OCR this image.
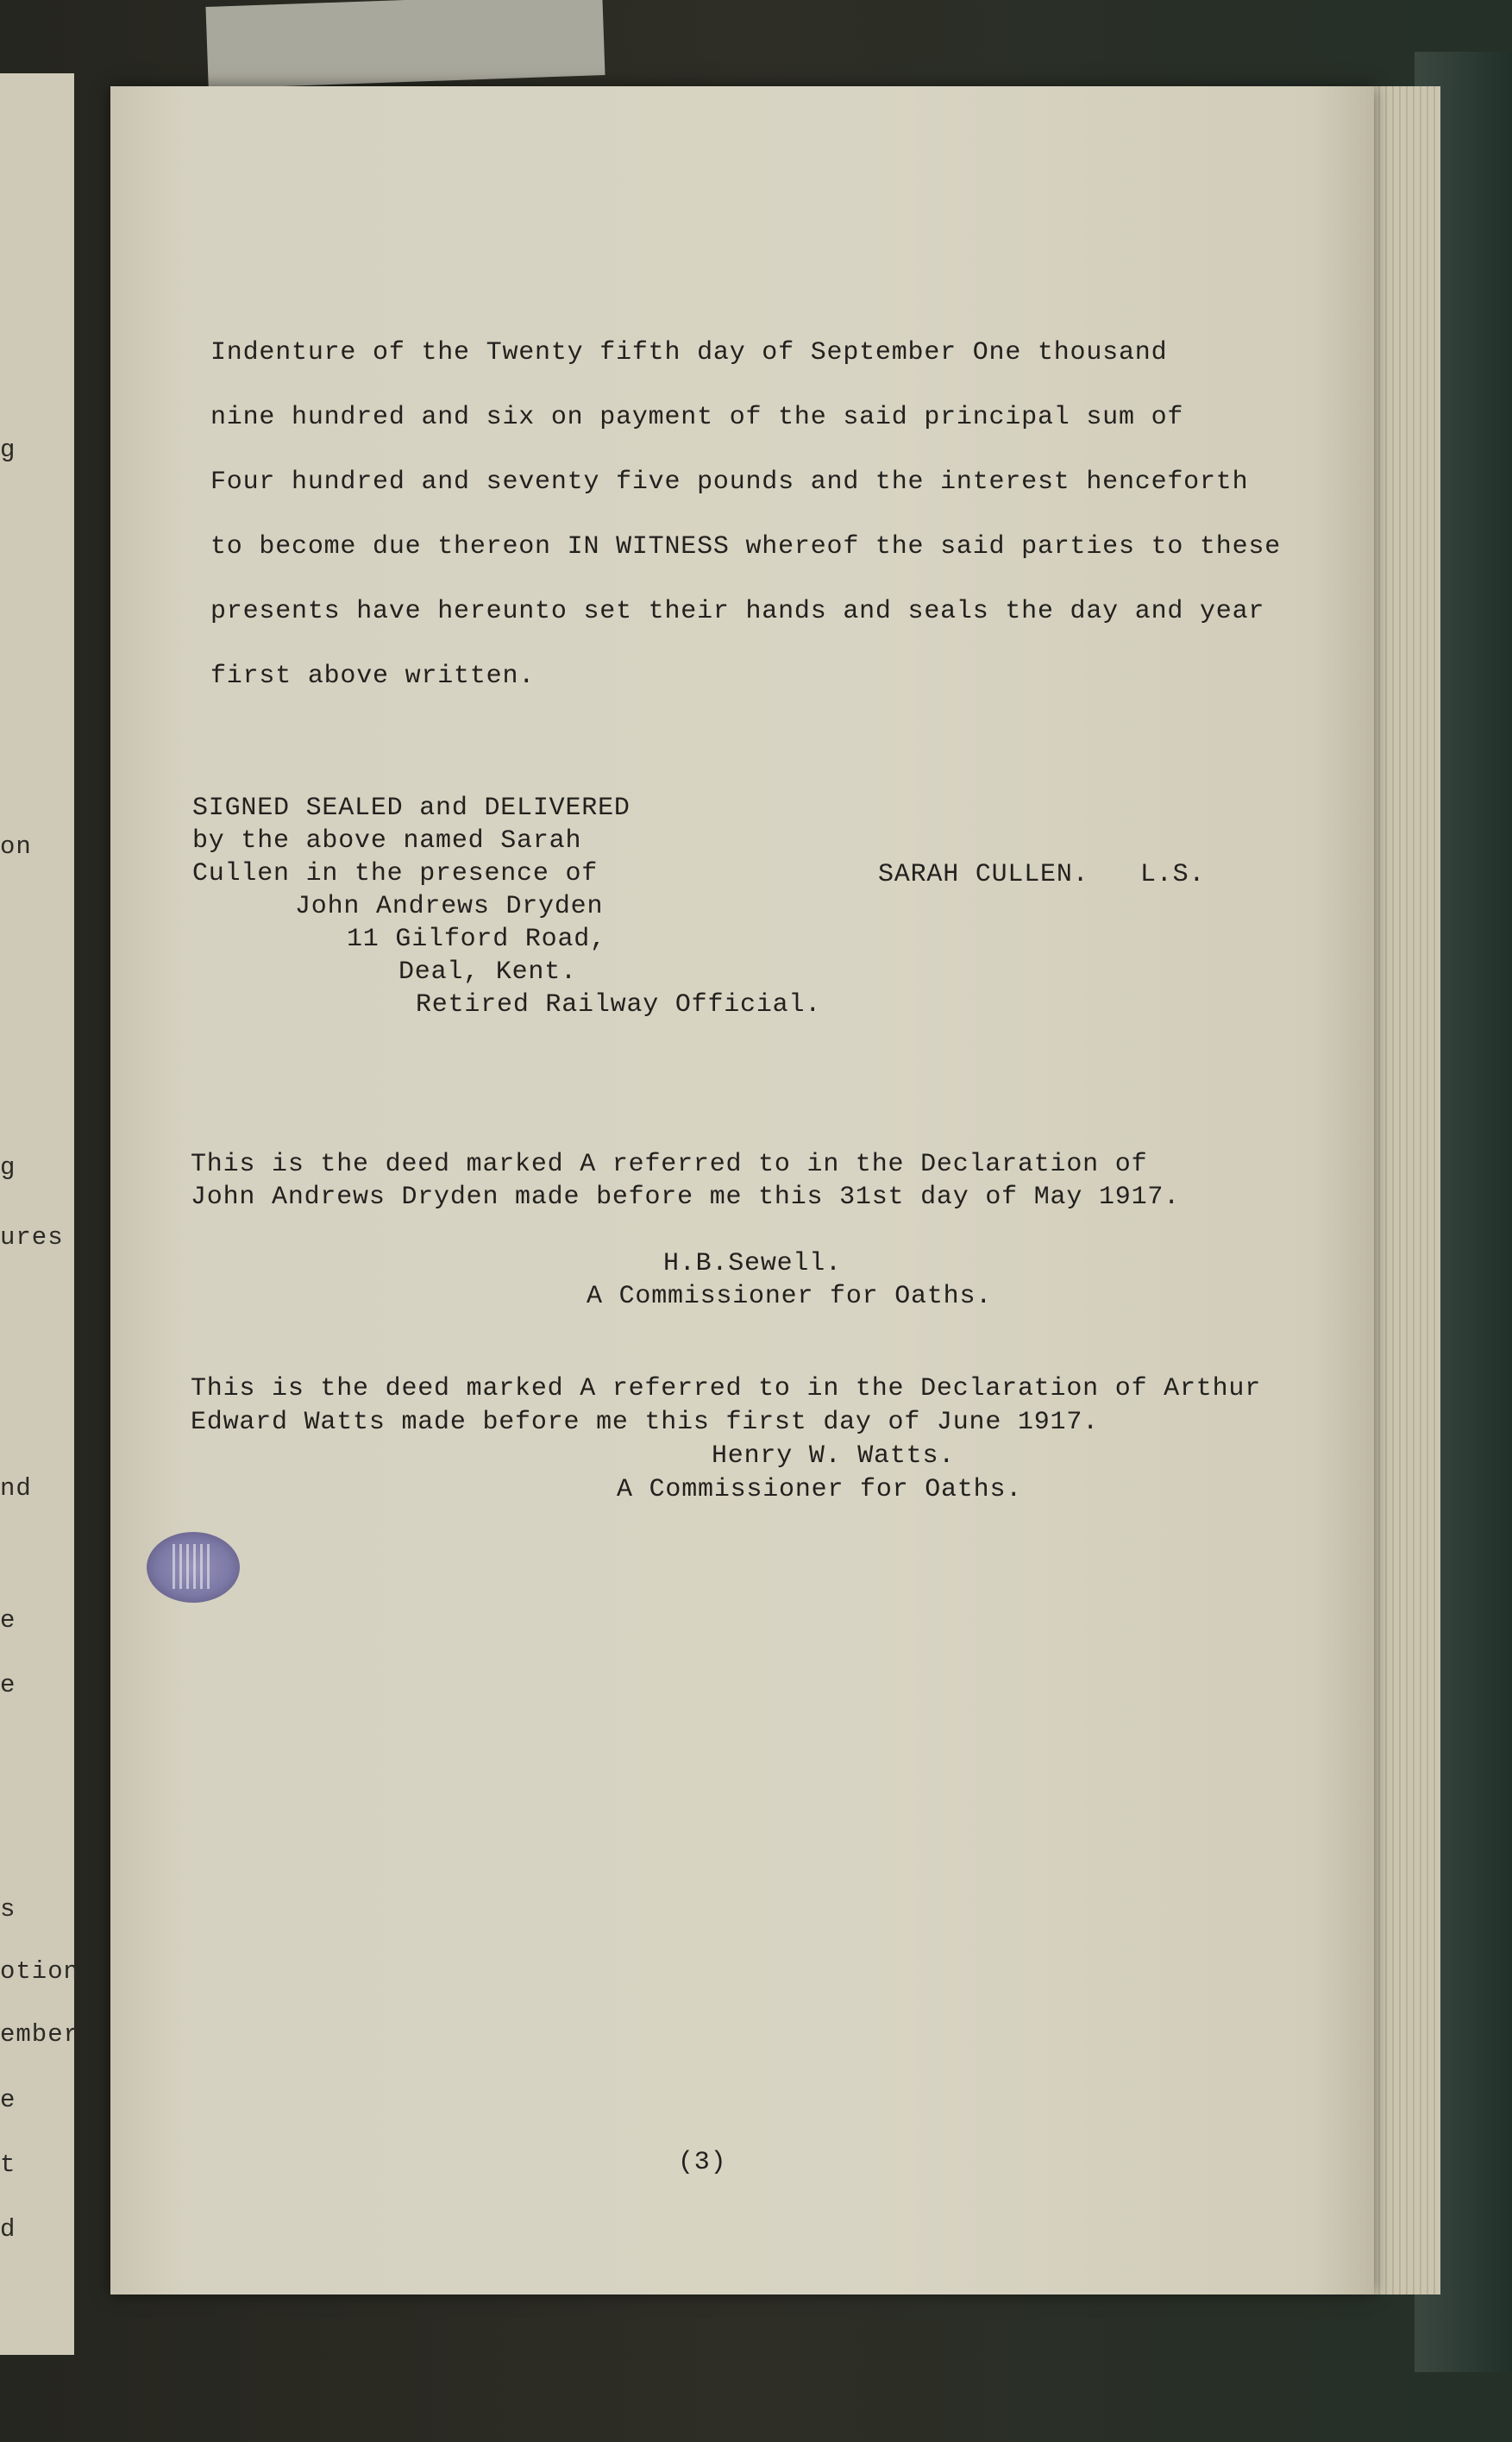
g
on
g
ures
nd
e
e
s
otion
ember
e
t
d
Indenture of the Twenty fifth day of September One thousand
nine hundred and six on payment of the said principal sum of
Four hundred and seventy five pounds and the interest henceforth
to become due thereon IN WITNESS whereof the said parties to these
presents have hereunto set their hands and seals the day and year
first above written.
SIGNED SEALED and DELIVERED
by the above named Sarah
Cullen in the presence of
John Andrews Dryden
11 Gilford Road,
Deal, Kent.
Retired Railway Official.
SARAH CULLEN. L.S.
This is the deed marked A referred to in the Declaration of
John Andrews Dryden made before me this 31st day of May 1917.
H.B.Sewell.
A Commissioner for Oaths.
This is the deed marked A referred to in the Declaration of Arthur
Edward Watts made before me this first day of June 1917.
Henry W. Watts.
A Commissioner for Oaths.
(3)
